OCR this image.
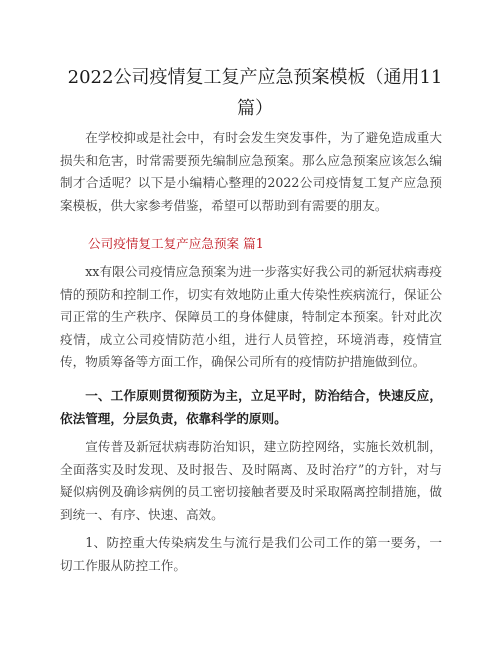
2022公司疫情复工复产应急预案模板（通用11篇）

在学校抑或是社会中，有时会发生突发事件，为了避免造成重大损失和危害，时常需要预先编制应急预案。那么应急预案应该怎么编制才合适呢？以下是小编精心整理的2022公司疫情复工复产应急预案模板，供大家参考借鉴，希望可以帮助到有需要的朋友。

公司疫情复工复产应急预案 篇1

xx有限公司疫情应急预案为进一步落实好我公司的新冠状病毒疫情的预防和控制工作，切实有效地防止重大传染性疾病流行，保证公司正常的生产秩序、保障员工的身体健康，特制定本预案。针对此次疫情，成立公司疫情防范小组，进行人员管控，环境消毒，疫情宣传，物质筹备等方面工作，确保公司所有的疫情防护措施做到位。

一、工作原则贯彻预防为主，立足平时，防治结合，快速反应，依法管理，分层负责，依靠科学的原则。

宣传普及新冠状病毒防治知识，建立防控网络，实施长效机制，全面落实及时发现、及时报告、及时隔离、及时治疗”的方针，对与疑似病例及确诊病例的员工密切接触者要及时采取隔离控制措施，做到统一、有序、快速、高效。

1、防控重大传染病发生与流行是我们公司工作的第一要务，一切工作服从防控工作。
